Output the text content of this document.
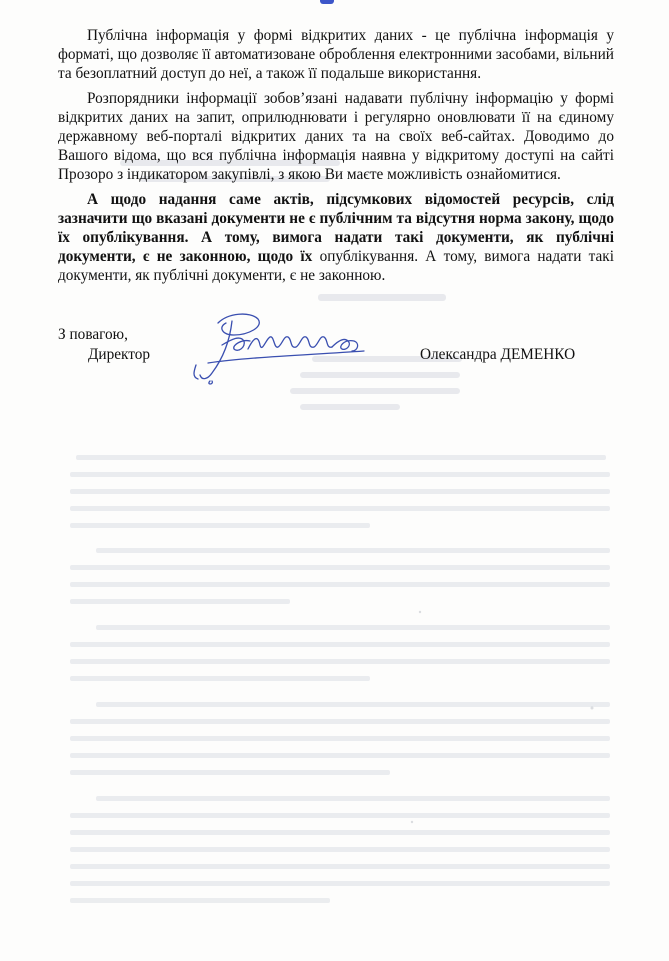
Публічна інформація у формі відкритих даних - це публічна інформація у форматі, що дозволяє її автоматизоване оброблення електронними засобами, вільний та безоплатний доступ до неї, а також її подальше використання.

Розпорядники інформації зобов’язані надавати публічну інформацію у формі відкритих даних на запит, оприлюднювати і регулярно оновлювати її на єдиному державному веб-порталі відкритих даних та на своїх веб-сайтах. Доводимо до Вашого відома, що вся публічна інформація наявна у відкритому доступі на сайті Прозоро з індикатором закупівлі, з якою Ви маєте можливість ознайомитися.

А щодо надання саме актів, підсумкових відомостей ресурсів, слід зазначити що вказані документи не є публічним та відсутня норма закону, щодо їх опублікування. А тому, вимога надати такі документи, як публічні документи, є не законною, щодо їх опублікування. А тому, вимога надати такі документи, як публічні документи, є не законною.

З повагою,
Директор	Олександра ДЕМЕНКО
